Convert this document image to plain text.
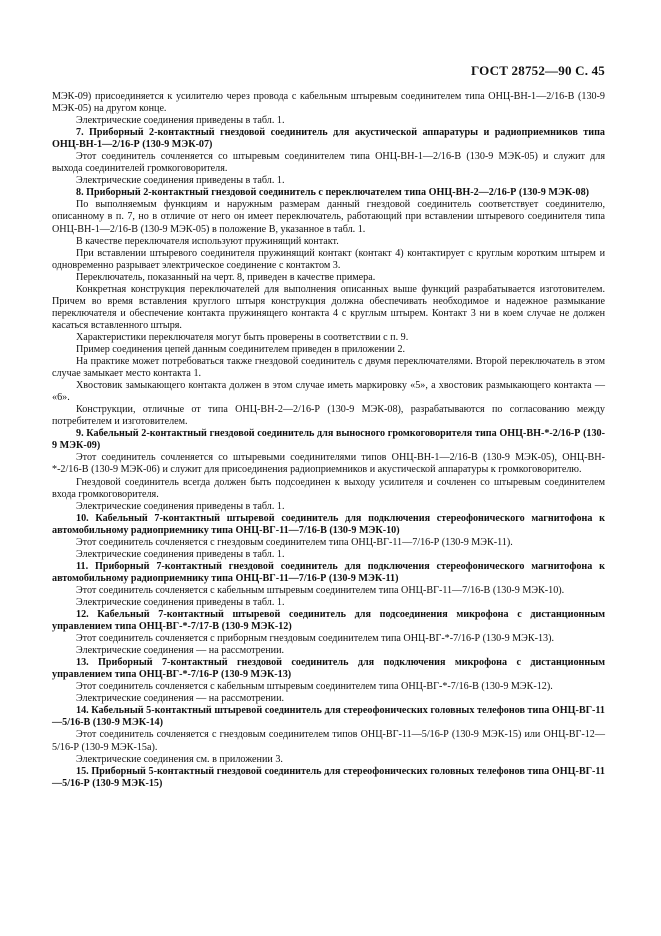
ГОСТ 28752—90 С. 45

МЭК-09) присоединяется к усилителю через провода с кабельным штыревым соединителем типа ОНЦ-ВН-1—2/16-В (130-9 МЭК-05) на другом конце.

Электрические соединения приведены в табл. 1.

7. Приборный 2-контактный гнездовой соединитель для акустической аппаратуры и радиоприемников типа ОНЦ-ВН-1—2/16-Р (130-9 МЭК-07)

Этот соединитель сочленяется со штыревым соединителем типа ОНЦ-ВН-1—2/16-В (130-9 МЭК-05) и служит для выхода соединителей громкоговорителя.

Электрические соединения приведены в табл. 1.

8. Приборный 2-контактный гнездовой соединитель с переключателем типа ОНЦ-ВН-2—2/16-Р (130-9 МЭК-08)

По выполняемым функциям и наружным размерам данный гнездовой соединитель соответствует соединителю, описанному в п. 7, но в отличие от него он имеет переключатель, работающий при вставлении штыревого соединителя типа ОНЦ-ВН-1—2/16-В (130-9 МЭК-05) в положение В, указанное в табл. 1.

В качестве переключателя используют пружинящий контакт.

При вставлении штыревого соединителя пружинящий контакт (контакт 4) контактирует с круглым коротким штырем и одновременно разрывает электрическое соединение с контактом 3.

Переключатель, показанный на черт. 8, приведен в качестве примера.

Конкретная конструкция переключателей для выполнения описанных выше функций разрабатывается изготовителем. Причем во время вставления круглого штыря конструкция должна обеспечивать необходимое и надежное размыкание переключателя и обеспечение контакта пружинящего контакта 4 с круглым штырем. Контакт 3 ни в коем случае не должен касаться вставленного штыря.

Характеристики переключателя могут быть проверены в соответствии с п. 9.

Пример соединения цепей данным соединителем приведен в приложении 2.

На практике может потребоваться также гнездовой соединитель с двумя переключателями. Второй переключатель в этом случае замыкает место контакта 1.

Хвостовик замыкающего контакта должен в этом случае иметь маркировку «5», а хвостовик размыкающего контакта — «6».

Конструкции, отличные от типа ОНЦ-ВН-2—2/16-Р (130-9 МЭК-08), разрабатываются по согласованию между потребителем и изготовителем.

9. Кабельный 2-контактный гнездовой соединитель для выносного громкоговорителя типа ОНЦ-ВН-*-2/16-Р (130-9 МЭК-09)

Этот соединитель сочленяется со штыревыми соединителями типов ОНЦ-ВН-1—2/16-В (130-9 МЭК-05), ОНЦ-ВН-*-2/16-В (130-9 МЭК-06) и служит для присоединения радиоприемников и акустической аппаратуры к громкоговорителю.

Гнездовой соединитель всегда должен быть подсоединен к выходу усилителя и сочленен со штыревым соединителем входа громкоговорителя.

Электрические соединения приведены в табл. 1.

10. Кабельный 7-контактный штыревой соединитель для подключения стереофонического магнитофона к автомобильному радиоприемнику типа ОНЦ-ВГ-11—7/16-В (130-9 МЭК-10)

Этот соединитель сочленяется с гнездовым соединителем типа ОНЦ-ВГ-11—7/16-Р (130-9 МЭК-11).

Электрические соединения приведены в табл. 1.

11. Приборный 7-контактный гнездовой соединитель для подключения стереофонического магнитофона к автомобильному радиоприемнику типа ОНЦ-ВГ-11—7/16-Р (130-9 МЭК-11)

Этот соединитель сочленяется с кабельным штыревым соединителем типа ОНЦ-ВГ-11—7/16-В (130-9 МЭК-10).

Электрические соединения приведены в табл. 1.

12. Кабельный 7-контактный штыревой соединитель для подсоединения микрофона с дистанционным управлением типа ОНЦ-ВГ-*-7/17-В (130-9 МЭК-12)

Этот соединитель сочленяется с приборным гнездовым соединителем типа ОНЦ-ВГ-*-7/16-Р (130-9 МЭК-13).

Электрические соединения — на рассмотрении.

13. Приборный 7-контактный гнездовой соединитель для подключения микрофона с дистанционным управлением типа ОНЦ-ВГ-*-7/16-Р (130-9 МЭК-13)

Этот соединитель сочленяется с кабельным штыревым соединителем типа ОНЦ-ВГ-*-7/16-В (130-9 МЭК-12).

Электрические соединения — на рассмотрении.

14. Кабельный 5-контактный штыревой соединитель для стереофонических головных телефонов типа ОНЦ-ВГ-11—5/16-В (130-9 МЭК-14)

Этот соединитель сочленяется с гнездовым соединителем типов ОНЦ-ВГ-11—5/16-Р (130-9 МЭК-15) или ОНЦ-ВГ-12—5/16-Р (130-9 МЭК-15а).

Электрические соединения см. в приложении 3.

15. Приборный 5-контактный гнездовой соединитель для стереофонических головных телефонов типа ОНЦ-ВГ-11—5/16-Р (130-9 МЭК-15)
